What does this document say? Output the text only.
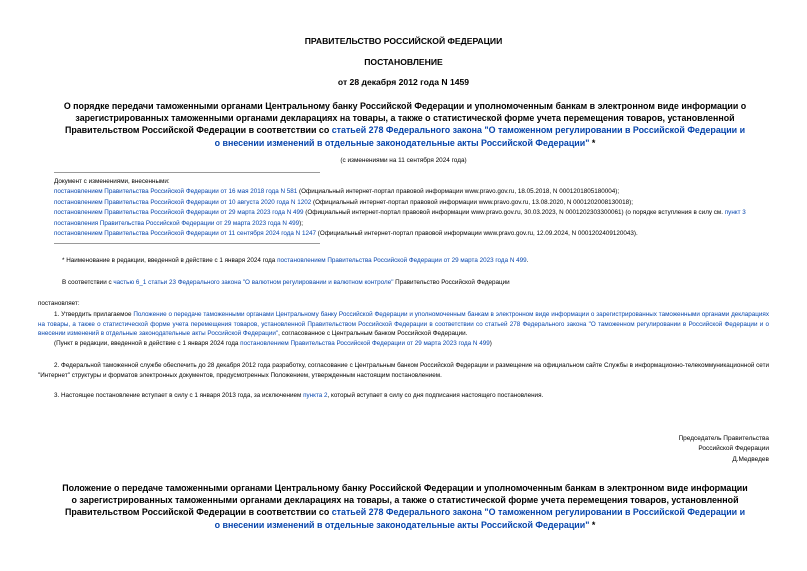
ПРАВИТЕЛЬСТВО РОССИЙСКОЙ ФЕДЕРАЦИИ
ПОСТАНОВЛЕНИЕ
от 28 декабря 2012 года N 1459
О порядке передачи таможенными органами Центральному банку Российской Федерации и уполномоченным банкам в электронном виде информации о зарегистрированных таможенными органами декларациях на товары, а также о статистической форме учета перемещения товаров, установленной Правительством Российской Федерации в соответствии со статьей 278 Федерального закона "О таможенном регулировании в Российской Федерации и о внесении изменений в отдельные законодательные акты Российской Федерации" *
(с изменениями на 11 сентября 2024 года)
Документ с изменениями, внесенными:
постановлением Правительства Российской Федерации от 16 мая 2018 года N 581 (Официальный интернет-портал правовой информации www.pravo.gov.ru, 18.05.2018, N 0001201805180004);
постановлением Правительства Российской Федерации от 10 августа 2020 года N 1202 (Официальный интернет-портал правовой информации www.pravo.gov.ru, 13.08.2020, N 0001202008130018);
постановлением Правительства Российской Федерации от 29 марта 2023 года N 499 (Официальный интернет-портал правовой информации www.pravo.gov.ru, 30.03.2023, N 0001202303300061) (о порядке вступления в силу см. пункт 3 постановления Правительства Российской Федерации от 29 марта 2023 года N 499);
постановлением Правительства Российской Федерации от 11 сентября 2024 года N 1247 (Официальный интернет-портал правовой информации www.pravo.gov.ru, 12.09.2024, N 0001202409120043).
* Наименование в редакции, введенной в действие с 1 января 2024 года постановлением Правительства Российской Федерации от 29 марта 2023 года N 499.
В соответствии с частью 6_1 статьи 23 Федерального закона "О валютном регулировании и валютном контроле" Правительство Российской Федерации
постановляет:
1. Утвердить прилагаемое Положение о передаче таможенными органами Центральному банку Российской Федерации и уполномоченным банкам в электронном виде информации о зарегистрированных таможенными органами декларациях на товары, а также о статистической форме учета перемещения товаров, установленной Правительством Российской Федерации в соответствии со статьей 278 Федерального закона "О таможенном регулировании в Российской Федерации и о внесении изменений в отдельные законодательные акты Российской Федерации", согласованное с Центральным банком Российской Федерации.
(Пункт в редакции, введенной в действие с 1 января 2024 года постановлением Правительства Российской Федерации от 29 марта 2023 года N 499)
2. Федеральной таможенной службе обеспечить до 28 декабря 2012 года разработку, согласование с Центральным банком Российской Федерации и размещение на официальном сайте Службы в информационно-телекоммуникационной сети "Интернет" структуры и форматов электронных документов, предусмотренных Положением, утвержденным настоящим постановлением.
3. Настоящее постановление вступает в силу с 1 января 2013 года, за исключением пункта 2, который вступает в силу со дня подписания настоящего постановления.
Председатель Правительства
Российской Федерации
Д.Медведев
Положение о передаче таможенными органами Центральному банку Российской Федерации и уполномоченным банкам в электронном виде информации о зарегистрированных таможенными органами декларациях на товары, а также о статистической форме учета перемещения товаров, установленной Правительством Российской Федерации в соответствии со статьей 278 Федерального закона "О таможенном регулировании в Российской Федерации и о внесении изменений в отдельные законодательные акты Российской Федерации" *
